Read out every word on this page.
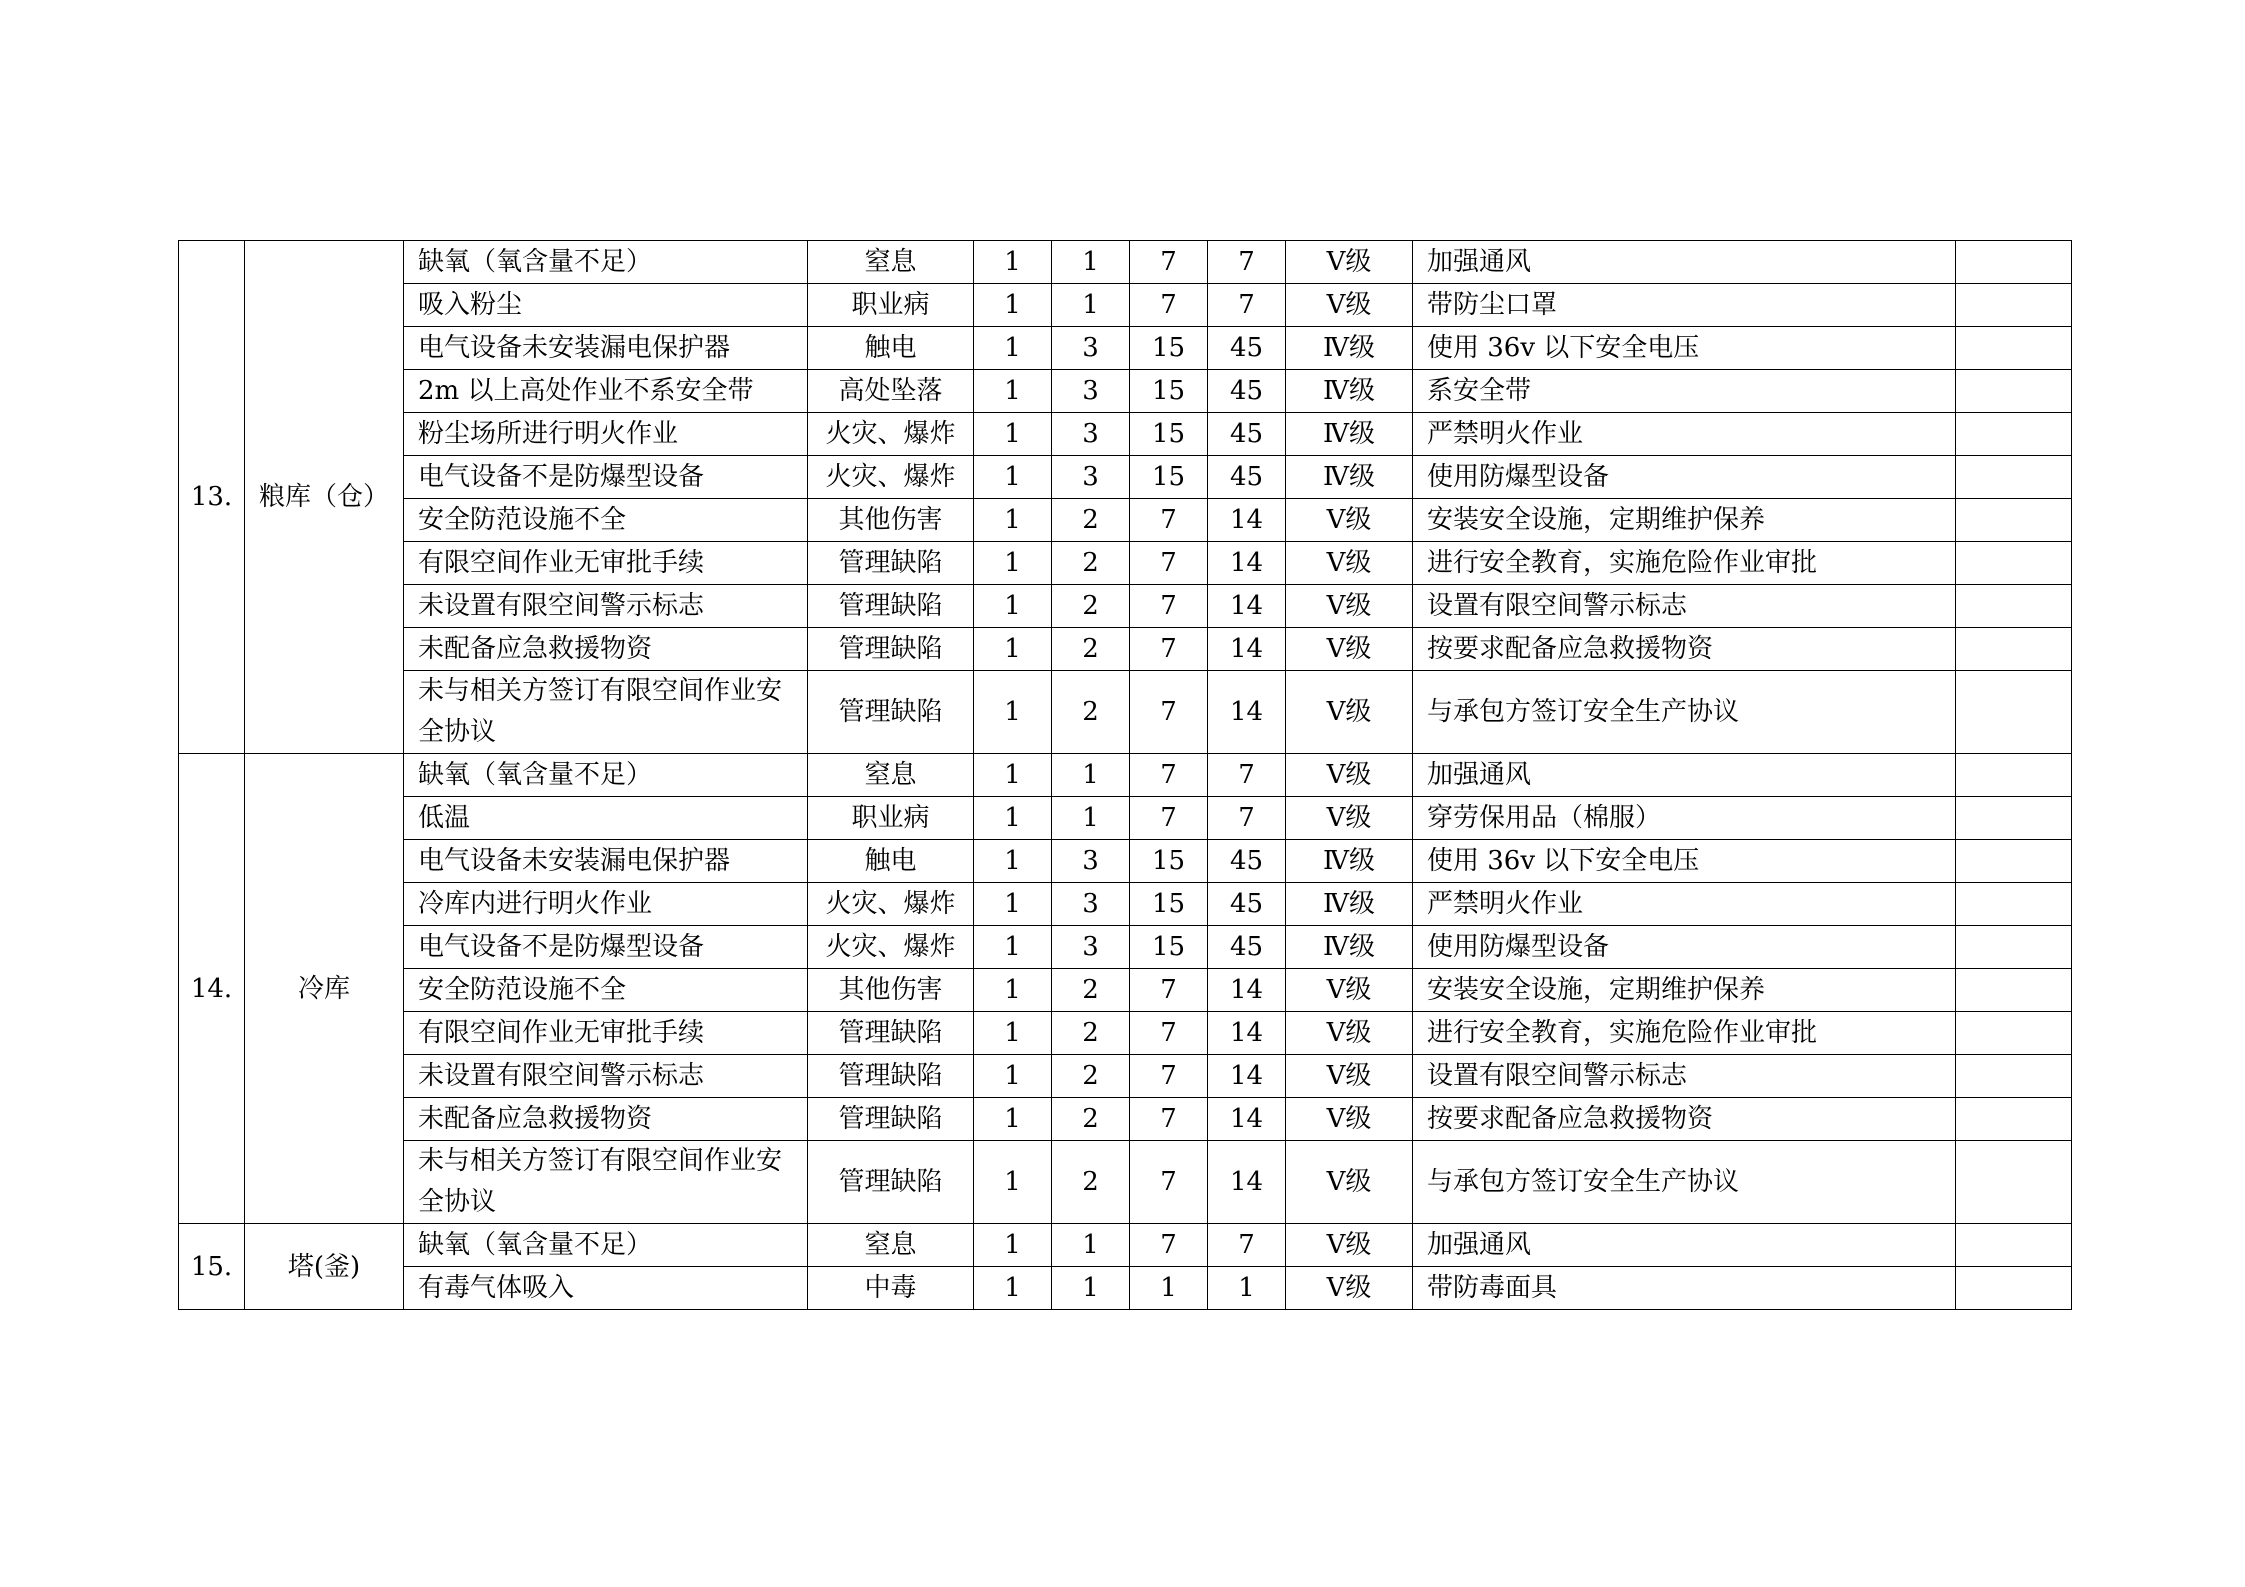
13.	粮库（仓）	缺氧（氧含量不足）	窒息	1	1	7	7	Ⅴ级	加强通风	
		吸入粉尘	职业病	1	1	7	7	Ⅴ级	带防尘口罩	
		电气设备未安装漏电保护器	触电	1	3	15	45	Ⅳ级	使用 36v 以下安全电压	
		2m 以上高处作业不系安全带	高处坠落	1	3	15	45	Ⅳ级	系安全带	
		粉尘场所进行明火作业	火灾、爆炸	1	3	15	45	Ⅳ级	严禁明火作业	
		电气设备不是防爆型设备	火灾、爆炸	1	3	15	45	Ⅳ级	使用防爆型设备	
		安全防范设施不全	其他伤害	1	2	7	14	Ⅴ级	安装安全设施，定期维护保养	
		有限空间作业无审批手续	管理缺陷	1	2	7	14	Ⅴ级	进行安全教育，实施危险作业审批	
		未设置有限空间警示标志	管理缺陷	1	2	7	14	Ⅴ级	设置有限空间警示标志	
		未配备应急救援物资	管理缺陷	1	2	7	14	Ⅴ级	按要求配备应急救援物资	
		未与相关方签订有限空间作业安全协议	管理缺陷	1	2	7	14	Ⅴ级	与承包方签订安全生产协议	
14.	冷库	缺氧（氧含量不足）	窒息	1	1	7	7	Ⅴ级	加强通风	
		低温	职业病	1	1	7	7	Ⅴ级	穿劳保用品（棉服）	
		电气设备未安装漏电保护器	触电	1	3	15	45	Ⅳ级	使用 36v 以下安全电压	
		冷库内进行明火作业	火灾、爆炸	1	3	15	45	Ⅳ级	严禁明火作业	
		电气设备不是防爆型设备	火灾、爆炸	1	3	15	45	Ⅳ级	使用防爆型设备	
		安全防范设施不全	其他伤害	1	2	7	14	Ⅴ级	安装安全设施，定期维护保养	
		有限空间作业无审批手续	管理缺陷	1	2	7	14	Ⅴ级	进行安全教育，实施危险作业审批	
		未设置有限空间警示标志	管理缺陷	1	2	7	14	Ⅴ级	设置有限空间警示标志	
		未配备应急救援物资	管理缺陷	1	2	7	14	Ⅴ级	按要求配备应急救援物资	
		未与相关方签订有限空间作业安全协议	管理缺陷	1	2	7	14	Ⅴ级	与承包方签订安全生产协议	
15.	塔(釜)	缺氧（氧含量不足）	窒息	1	1	7	7	Ⅴ级	加强通风	
		有毒气体吸入	中毒	1	1	1	1	Ⅴ级	带防毒面具	
